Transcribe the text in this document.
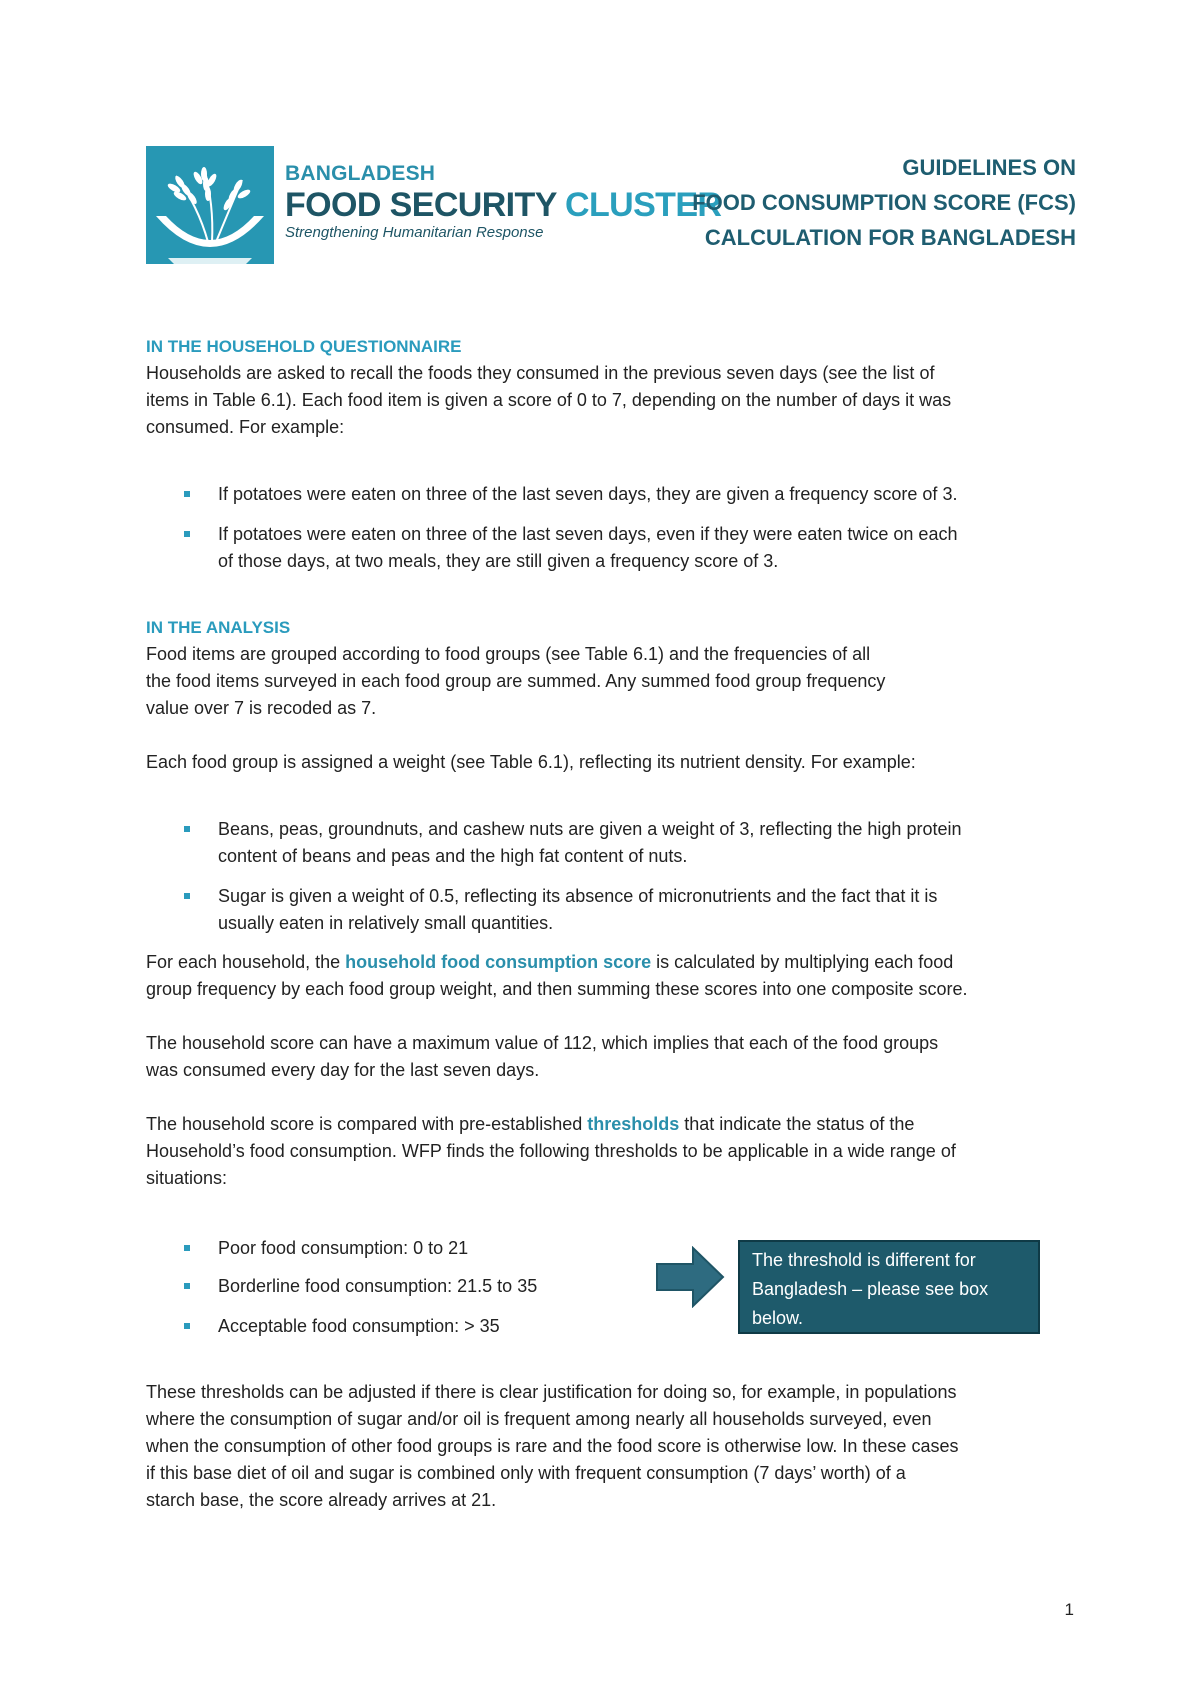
BANGLADESH
FOOD SECURITY CLUSTER
Strengthening Humanitarian Response
GUIDELINES ON
FOOD CONSUMPTION SCORE (FCS)
CALCULATION FOR BANGLADESH
IN THE HOUSEHOLD QUESTIONNAIRE
Households are asked to recall the foods they consumed in the previous seven days (see the list of
items in Table 6.1). Each food item is given a score of 0 to 7, depending on the number of days it was
consumed. For example:
If potatoes were eaten on three of the last seven days, they are given a frequency score of 3.
If potatoes were eaten on three of the last seven days, even if they were eaten twice on each
of those days, at two meals, they are still given a frequency score of 3.
IN THE ANALYSIS
Food items are grouped according to food groups (see Table 6.1) and the frequencies of all
the food items surveyed in each food group are summed. Any summed food group frequency
value over 7 is recoded as 7.
Each food group is assigned a weight (see Table 6.1), reflecting its nutrient density. For example:
Beans, peas, groundnuts, and cashew nuts are given a weight of 3, reflecting the high protein
content of beans and peas and the high fat content of nuts.
Sugar is given a weight of 0.5, reflecting its absence of micronutrients and the fact that it is
usually eaten in relatively small quantities.
For each household, the household food consumption score is calculated by multiplying each food
group frequency by each food group weight, and then summing these scores into one composite score.
The household score can have a maximum value of 112, which implies that each of the food groups
was consumed every day for the last seven days.
The household score is compared with pre-established thresholds that indicate the status of the
Household’s food consumption. WFP finds the following thresholds to be applicable in a wide range of
situations:
Poor food consumption: 0 to 21
Borderline food consumption: 21.5 to 35
Acceptable food consumption: > 35
The threshold is different for
Bangladesh – please see box
below.
These thresholds can be adjusted if there is clear justification for doing so, for example, in populations
where the consumption of sugar and/or oil is frequent among nearly all households surveyed, even
when the consumption of other food groups is rare and the food score is otherwise low. In these cases
if this base diet of oil and sugar is combined only with frequent consumption (7 days’ worth) of a
starch base, the score already arrives at 21.
1
